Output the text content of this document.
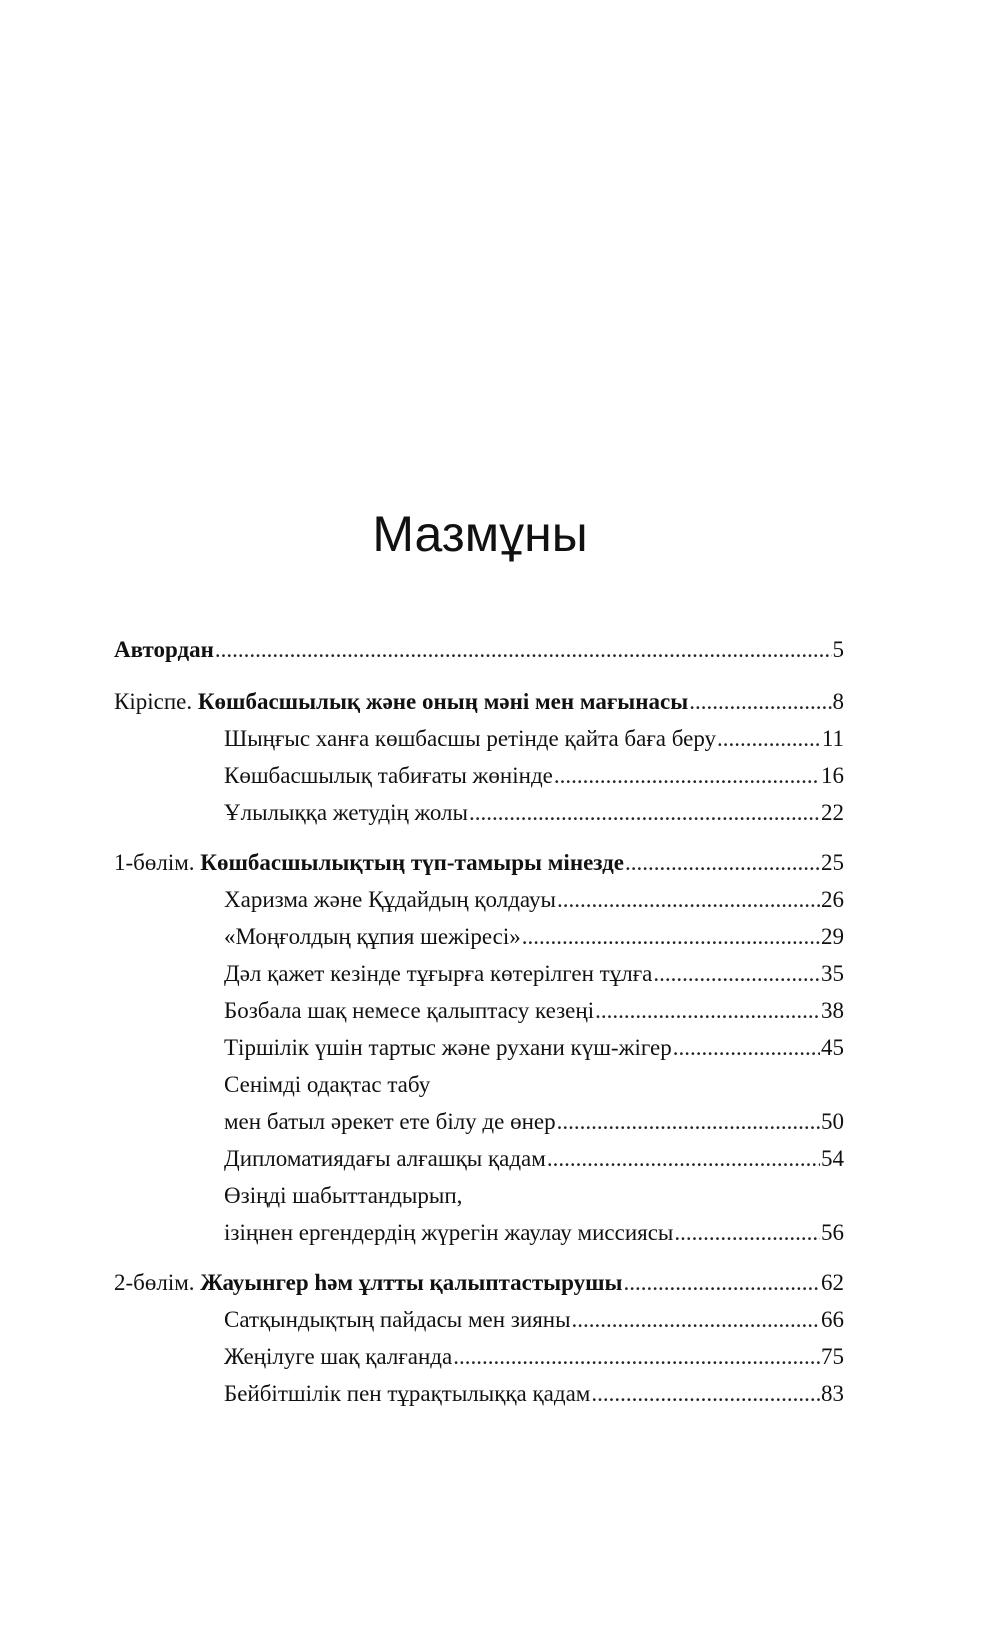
Мазмұны
Автордан .....	5
Кіріспе. Көшбасшылық және оның мәні мен мағынасы .....	8
Шыңғыс ханға көшбасшы ретінде қайта баға беру .....	11
Көшбасшылық табиғаты жөнінде .....	16
Ұлылыққа жетудің жолы .....	22
1-бөлім. Көшбасшылықтың түп-тамыры мінезде .....	25
Харизма және Құдайдың қолдауы .....	26
«Моңғолдың құпия шежіресі» .....	29
Дәл қажет кезінде тұғырға көтерілген тұлға .....	35
Бозбала шақ немесе қалыптасу кезеңі .....	38
Тіршілік үшін тартыс және рухани күш-жігер .....	45
Сенімді одақтас табу
мен батыл әрекет ете білу де өнер .....	50
Дипломатиядағы алғашқы қадам .....	54
Өзіңді шабыттандырып,
ізіңнен ергендердің жүрегін жаулау миссиясы .....	56
2-бөлім. Жауынгер һәм ұлтты қалыптастырушы .....	62
Сатқындықтың пайдасы мен зияны .....	66
Жеңілуге шақ қалғанда .....	75
Бейбітшілік пен тұрақтылыққа қадам .....	83
